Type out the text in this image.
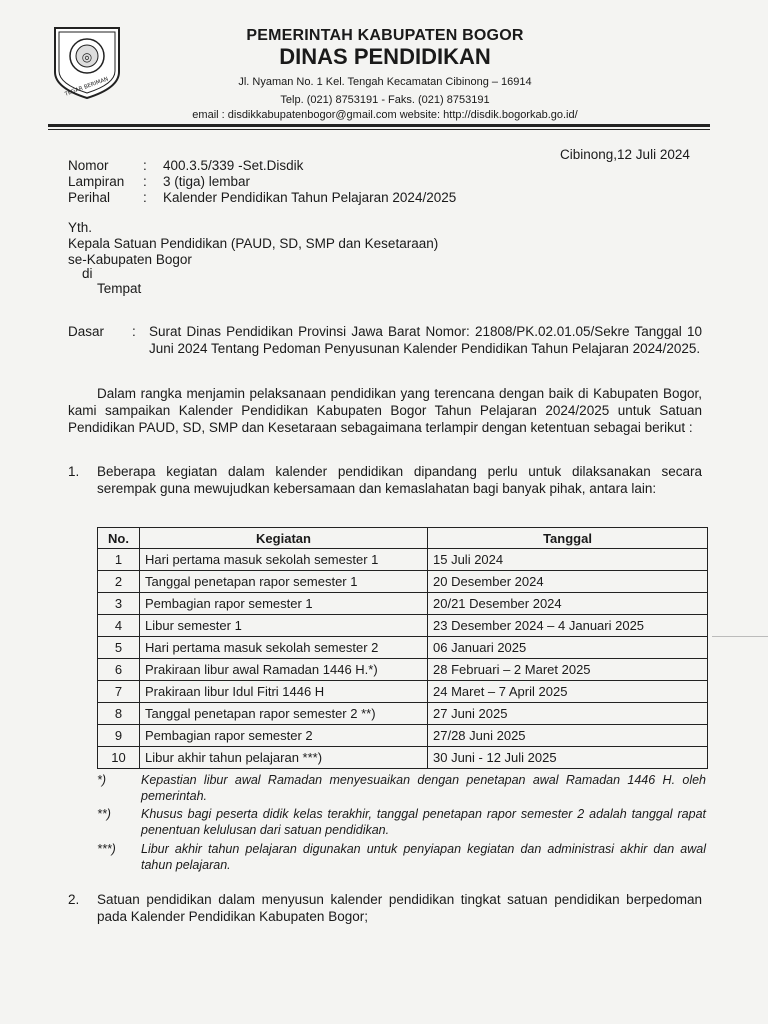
◎
TEGAR BERIMAN
PEMERINTAH KABUPATEN BOGOR
DINAS PENDIDIKAN
Jl. Nyaman No. 1 Kel. Tengah Kecamatan Cibinong – 16914
Telp. (021) 8753191 - Faks. (021) 8753191
email : disdikkabupatenbogor@gmail.com website: http://disdik.bogorkab.go.id/
Cibinong,12 Juli 2024
Nomor	: 400.3.5/339 -Set.Disdik
Lampiran : 3 (tiga) lembar
Perihal : Kalender Pendidikan Tahun Pelajaran 2024/2025
Yth.
Kepala Satuan Pendidikan (PAUD, SD, SMP dan Kesetaraan)
se-Kabupaten Bogor
di
Tempat
Dasar : Surat Dinas Pendidikan Provinsi Jawa Barat Nomor: 21808/PK.02.01.05/Sekre Tanggal 10 Juni 2024 Tentang Pedoman Penyusunan Kalender Pendidikan Tahun Pelajaran 2024/2025.
Dalam rangka menjamin pelaksanaan pendidikan yang terencana dengan baik di Kabupaten Bogor, kami sampaikan Kalender Pendidikan Kabupaten Bogor Tahun Pelajaran 2024/2025 untuk Satuan Pendidikan PAUD, SD, SMP dan Kesetaraan sebagaimana terlampir dengan ketentuan sebagai berikut :
1. Beberapa kegiatan dalam kalender pendidikan dipandang perlu untuk dilaksanakan secara serempak guna mewujudkan kebersamaan dan kemaslahatan bagi banyak pihak, antara lain:
No.	Kegiatan	Tanggal
1	Hari pertama masuk sekolah semester 1	15 Juli 2024
2	Tanggal penetapan rapor semester 1	20 Desember 2024
3	Pembagian rapor semester 1	20/21 Desember 2024
4	Libur semester 1	23 Desember 2024 – 4 Januari 2025
5	Hari pertama masuk sekolah semester 2	06 Januari 2025
6	Prakiraan libur awal Ramadan 1446 H.*)	28 Februari – 2 Maret 2025
7	Prakiraan libur Idul Fitri 1446 H	24 Maret – 7 April 2025
8	Tanggal penetapan rapor semester 2 **)	27 Juni 2025
9	Pembagian rapor semester 2	27/28 Juni 2025
10	Libur akhir tahun pelajaran ***)	30 Juni - 12 Juli 2025
*)	Kepastian libur awal Ramadan menyesuaikan dengan penetapan awal Ramadan 1446 H. oleh pemerintah.
**) Khusus bagi peserta didik kelas terakhir, tanggal penetapan rapor semester 2 adalah tanggal rapat penentuan kelulusan dari satuan pendidikan.
***) Libur akhir tahun pelajaran digunakan untuk penyiapan kegiatan dan administrasi akhir dan awal tahun pelajaran.
2. Satuan pendidikan dalam menyusun kalender pendidikan tingkat satuan pendidikan berpedoman pada Kalender Pendidikan Kabupaten Bogor;
